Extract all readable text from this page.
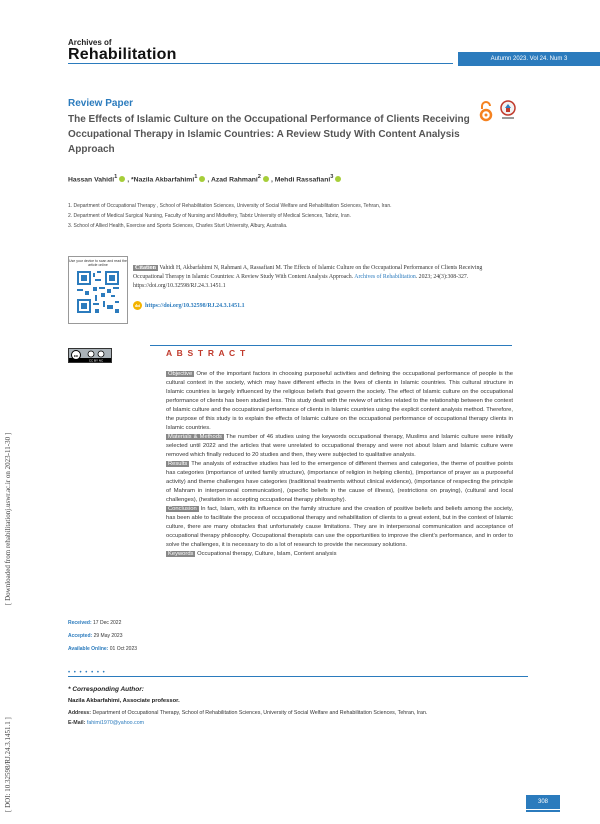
Archives of
Rehabilitation	Autumn 2023. Vol 24. Num 3
Review Paper
The Effects of Islamic Culture on the Occupational Performance of Clients Receiving Occupational Therapy in Islamic Countries: A Review Study With Content Analysis Approach
Hassan Vahidi$^1$ , *Nazila Akbarfahimi$^1$ , Azad Rahmani$^2$ , Mehdi Rassafiani$^3$
1. Department of Occupational Therapy , School of Rehabilitation Sciences, University of Social Welfare and Rehabilitation Sciences, Tehran, Iran.
2. Department of Medical Surgical Nursing, Faculty of Nursing and Midwifery, Tabriz University of Medical Sciences, Tabriz, Iran.
3. School of Allied Health, Exercise and Sports Sciences, Charles Sturt University, Albury, Australia.
Use your device to scan and read the article online	Citation Vahidi H, Akbarfahimi N, Rahmani A, Rassafiani M. The Effects of Islamic Culture on the Occupational Performance of Clients Receiving Occupational Therapy in Islamic Countries: A Review Study With Content Analysis Approach. Archives of Rehabilitation. 2023; 24(3):308-327. https://doi.org/10.32598/RJ.24.3.1451.1
doi https://doi.org/10.32598/RJ.24.3.1451.1
cc
CC BY NC
A B S T R A C T

Objective One of the important factors in choosing purposeful activities and defining the occupational performance of people is the cultural context in the society, which may have different effects in the lives of clients in Islamic countries. This cultural structure in Islamic countries is largely influenced by the religious beliefs that govern the society. The effect of Islamic culture on the occupational performance of clients has been studied less. This study dealt with the review of articles related to the relationship between the context of Islamic culture and the occupational performance of clients in Islamic countries using the explicit content analysis method. Therefore, the purpose of this study is to explain the effects of Islamic culture on the occupational performance of occupational therapy clients in Islamic countries.

Materials & Methods The number of 46 studies using the keywords occupational therapy, Muslims and Islamic culture were initially selected until 2022 and the articles that were unrelated to occupational therapy and were not about Islam and Islamic culture were removed which finally reduced to 20 studies and then, they were subjected to qualitative analysis.

Results The analysis of extractive studies has led to the emergence of different themes and categories, the theme of positive points has categories (importance of united family structure), (importance of religion in helping clients), (importance of prayer as a purposeful activity) and theme challenges have categories (traditional treatments without clinical evidence), (importance of respecting the principle of Mahram in interpersonal communication), (specific beliefs in the cause of illness), (restrictions on praying), (cultural and local challenges), (hesitation in accepting occupational therapy philosophy).

Conclusion In fact, Islam, with its influence on the family structure and the creation of positive beliefs and beliefs among the society, has been able to facilitate the process of occupational therapy and rehabilitation of clients to a great extent, but in the context of Islamic culture, there are many obstacles that unfortunately cause limitations. They are in interpersonal communication and acceptance of occupational therapy philosophy. Occupational therapists can use the opportunities to improve the client's performance, and in order to solve the challenges, it is necessary to do a lot of research to provide the necessary solutions.

Keywords Occupational therapy, Culture, Islam, Content analysis

Received: 17 Dec 2022
Accepted: 29 May 2023
Available Online: 01 Oct 2023
[ DOI: 10.32598/RJ.24.3.1451.1 ]
[ Downloaded from rehabilitationj.uswr.ac.ir on 2023-11-30 ]
• • • • • • •
* Corresponding Author:
Nazila Akbarfahimi, Associate professor.
Address: Department of Occupational Therapy, School of Rehabilitation Sciences, University of Social Welfare and Rehabilitation Sciences, Tehran, Iran.
E-Mail: fahimi1970@yahoo.com
308
